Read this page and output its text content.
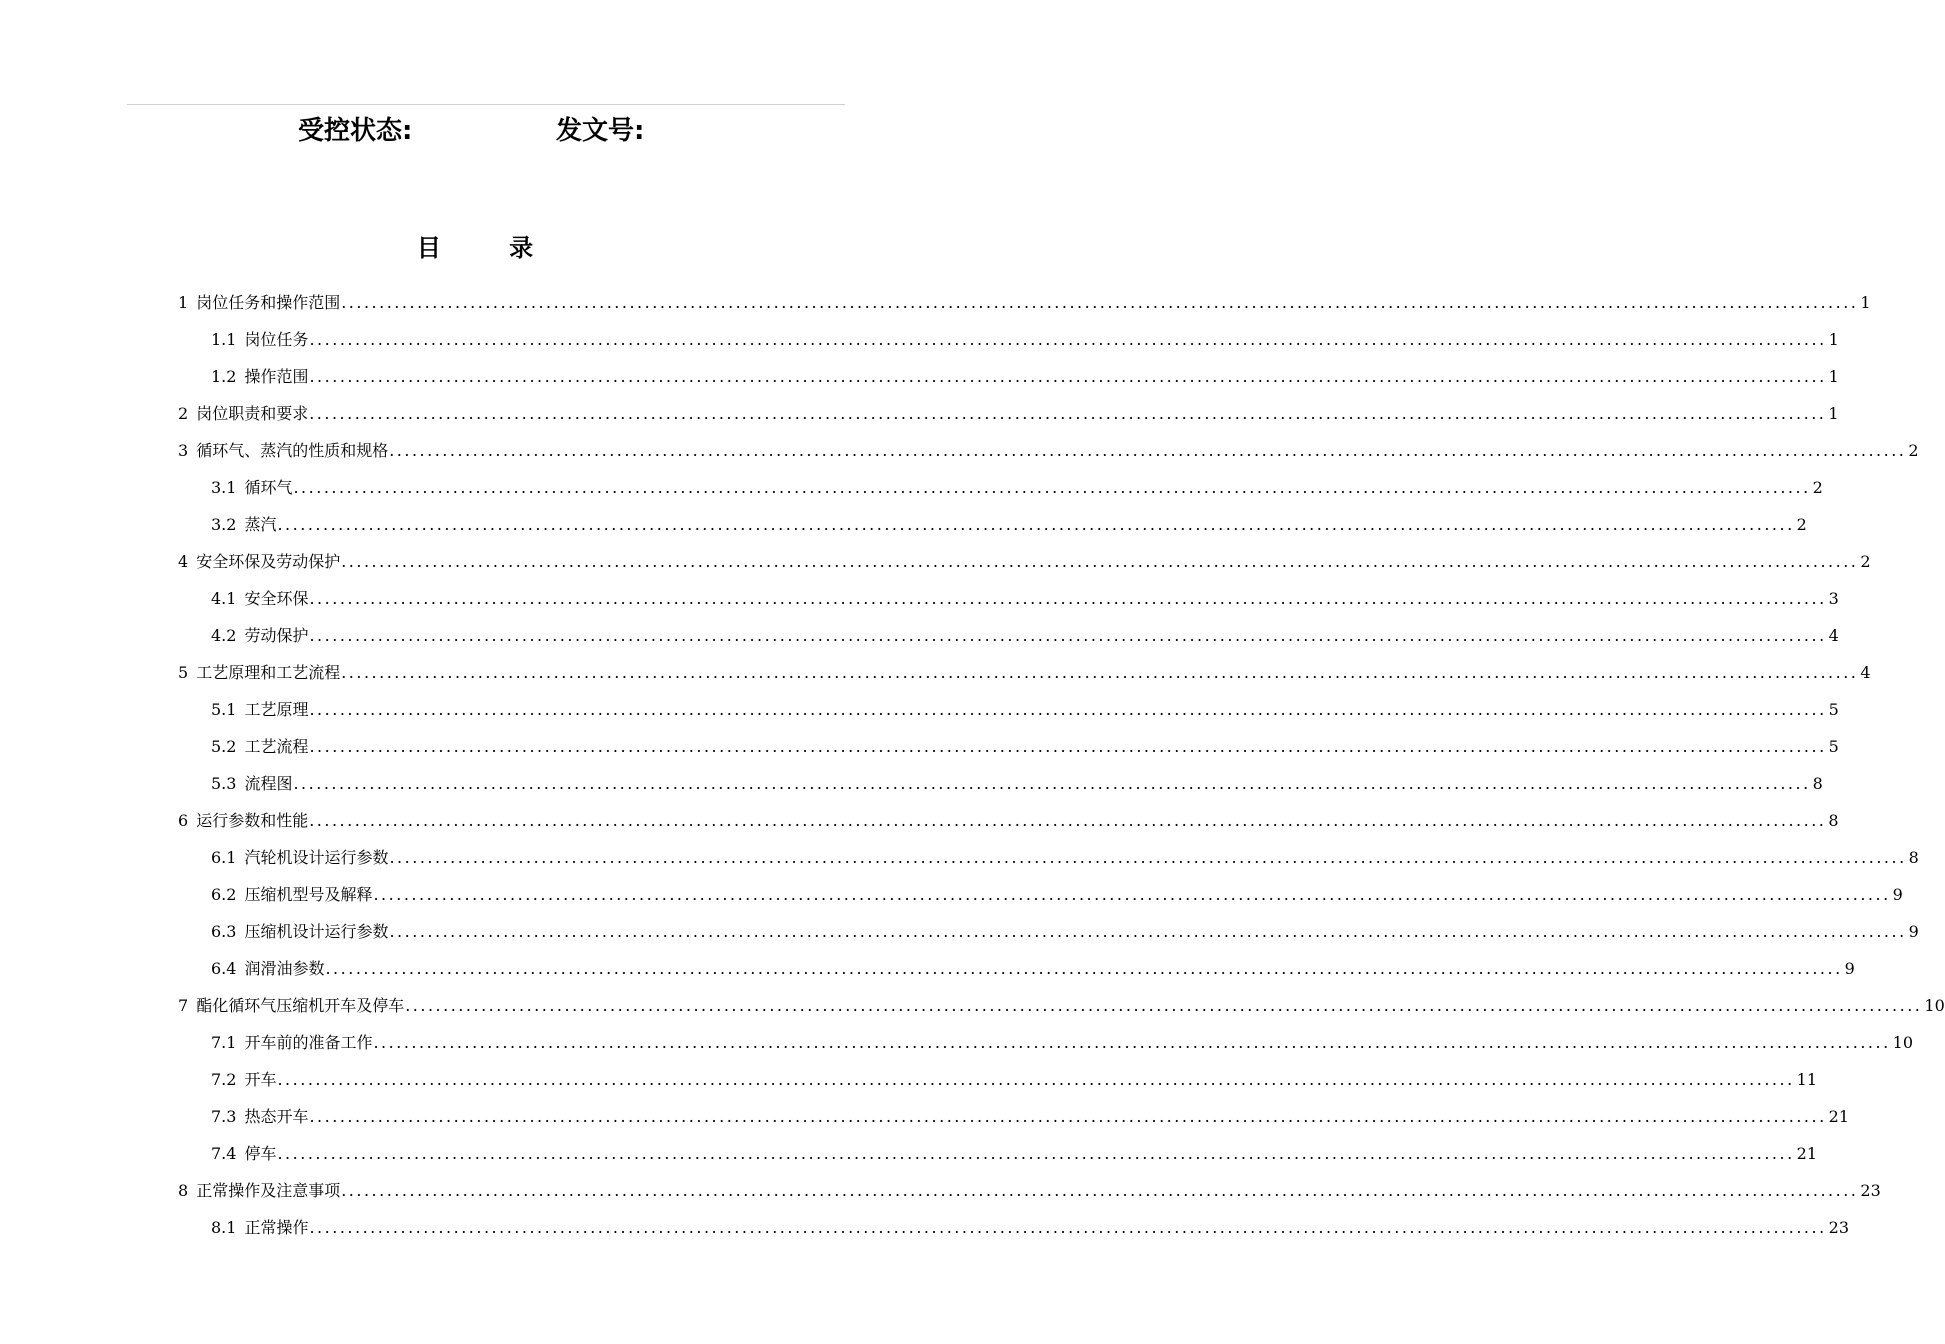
受控状态:	发文号:
目 录
1 岗位任务和操作范围 ........................................................................................................................................................................................................ 1
1.1 岗位任务 ........................................................................................................................................................................................................ 1
1.2 操作范围 ........................................................................................................................................................................................................ 1
2 岗位职责和要求 ........................................................................................................................................................................................................ 1
3 循环气、蒸汽的性质和规格 ........................................................................................................................................................................................................ 2
3.1 循环气 ........................................................................................................................................................................................................ 2
3.2 蒸汽 ........................................................................................................................................................................................................ 2
4 安全环保及劳动保护 ........................................................................................................................................................................................................ 2
4.1 安全环保 ........................................................................................................................................................................................................ 3
4.2 劳动保护 ........................................................................................................................................................................................................ 4
5 工艺原理和工艺流程 ........................................................................................................................................................................................................ 4
5.1 工艺原理 ........................................................................................................................................................................................................ 5
5.2 工艺流程 ........................................................................................................................................................................................................ 5
5.3 流程图 ........................................................................................................................................................................................................ 8
6 运行参数和性能 ........................................................................................................................................................................................................ 8
6.1 汽轮机设计运行参数 ........................................................................................................................................................................................................ 8
6.2 压缩机型号及解释 ........................................................................................................................................................................................................ 9
6.3 压缩机设计运行参数 ........................................................................................................................................................................................................ 9
6.4 润滑油参数 ........................................................................................................................................................................................................ 9
7 酯化循环气压缩机开车及停车 ........................................................................................................................................................................................................ 10
7.1 开车前的准备工作 ........................................................................................................................................................................................................ 10
7.2 开车 ........................................................................................................................................................................................................ 11
7.3 热态开车 ........................................................................................................................................................................................................ 21
7.4 停车 ........................................................................................................................................................................................................ 21
8 正常操作及注意事项 ........................................................................................................................................................................................................ 23
8.1 正常操作 ........................................................................................................................................................................................................ 23
